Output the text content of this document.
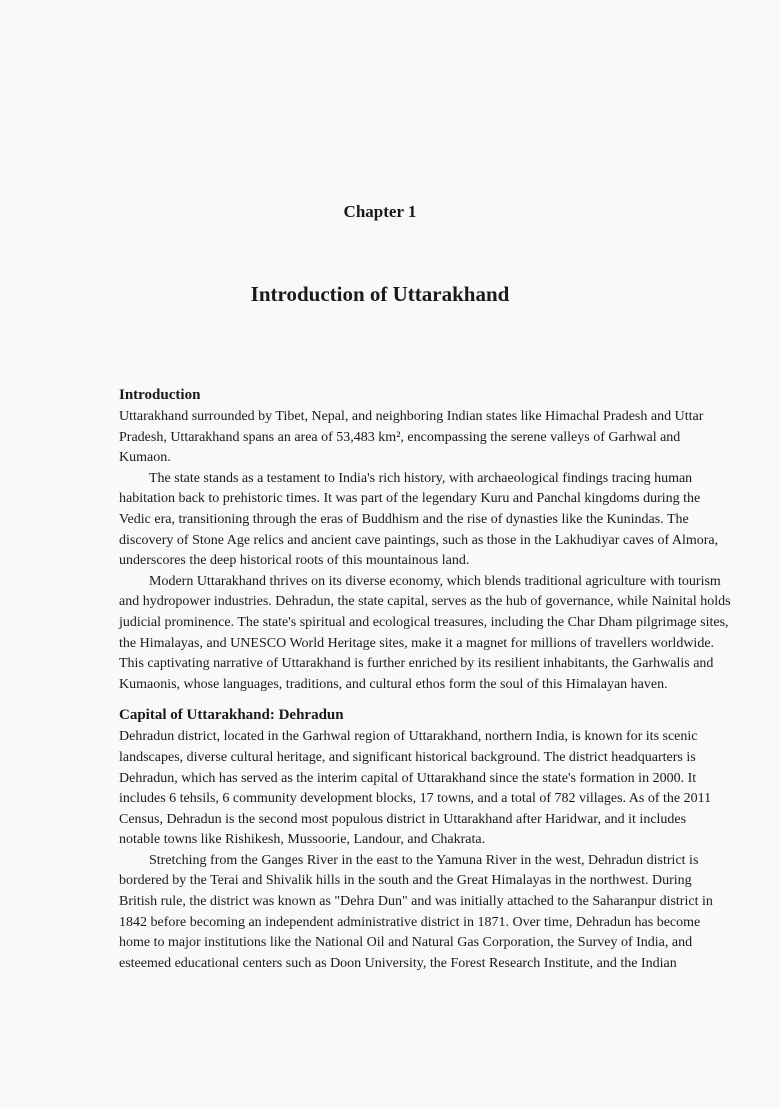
Chapter 1
Introduction of Uttarakhand
Introduction
Uttarakhand surrounded by Tibet, Nepal, and neighboring Indian states like Himachal Pradesh and Uttar
Pradesh, Uttarakhand spans an area of 53,483 km², encompassing the serene valleys of Garhwal and
Kumaon.
The state stands as a testament to India's rich history, with archaeological findings tracing human
habitation back to prehistoric times. It was part of the legendary Kuru and Panchal kingdoms during the
Vedic era, transitioning through the eras of Buddhism and the rise of dynasties like the Kunindas. The
discovery of Stone Age relics and ancient cave paintings, such as those in the Lakhudiyar caves of Almora,
underscores the deep historical roots of this mountainous land.
Modern Uttarakhand thrives on its diverse economy, which blends traditional agriculture with tourism
and hydropower industries. Dehradun, the state capital, serves as the hub of governance, while Nainital holds
judicial prominence. The state's spiritual and ecological treasures, including the Char Dham pilgrimage sites,
the Himalayas, and UNESCO World Heritage sites, make it a magnet for millions of travellers worldwide.
This captivating narrative of Uttarakhand is further enriched by its resilient inhabitants, the Garhwalis and
Kumaonis, whose languages, traditions, and cultural ethos form the soul of this Himalayan haven.
Capital of Uttarakhand: Dehradun
Dehradun district, located in the Garhwal region of Uttarakhand, northern India, is known for its scenic
landscapes, diverse cultural heritage, and significant historical background. The district headquarters is
Dehradun, which has served as the interim capital of Uttarakhand since the state's formation in 2000. It
includes 6 tehsils, 6 community development blocks, 17 towns, and a total of 782 villages. As of the 2011
Census, Dehradun is the second most populous district in Uttarakhand after Haridwar, and it includes
notable towns like Rishikesh, Mussoorie, Landour, and Chakrata.
Stretching from the Ganges River in the east to the Yamuna River in the west, Dehradun district is
bordered by the Terai and Shivalik hills in the south and the Great Himalayas in the northwest. During
British rule, the district was known as "Dehra Dun" and was initially attached to the Saharanpur district in
1842 before becoming an independent administrative district in 1871. Over time, Dehradun has become
home to major institutions like the National Oil and Natural Gas Corporation, the Survey of India, and
esteemed educational centers such as Doon University, the Forest Research Institute, and the Indian
